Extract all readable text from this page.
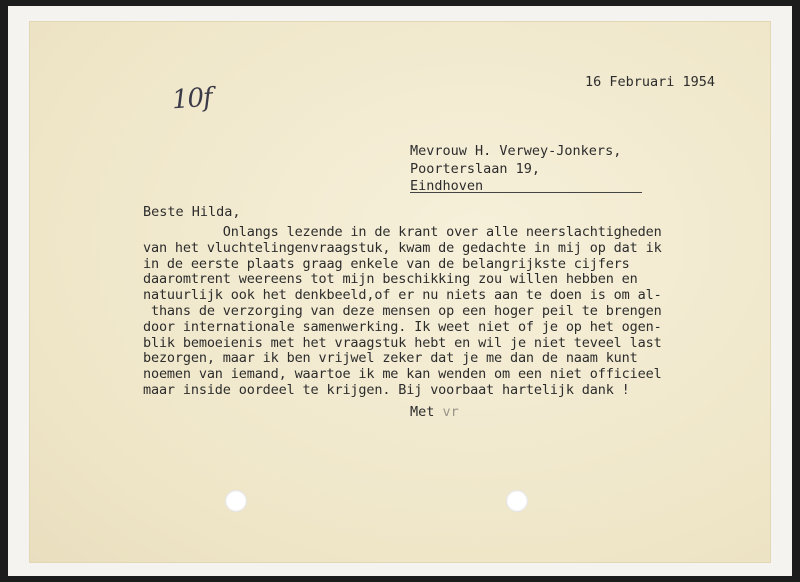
10f
16 Februari 1954
Mevrouw H. Verwey-Jonkers,
Poorterslaan 19,
Eindhoven
Beste Hilda,
Onlangs lezende in de krant over alle neerslachtigheden
van het vluchtelingenvraagstuk, kwam de gedachte in mij op dat ik
in de eerste plaats graag enkele van de belangrijkste cijfers
daaromtrent weereens tot mijn beschikking zou willen hebben en
natuurlijk ook het denkbeeld,of er nu niets aan te doen is om al-
thans de verzorging van deze mensen op een hoger peil te brengen
door internationale samenwerking. Ik weet niet of je op het ogen-
blik bemoeienis met het vraagstuk hebt en wil je niet teveel last
bezorgen, maar ik ben vrijwel zeker dat je me dan de naam kunt
noemen van iemand, waartoe ik me kan wenden om een niet officieel
maar inside oordeel te krijgen. Bij voorbaat hartelijk dank !
Met vr
